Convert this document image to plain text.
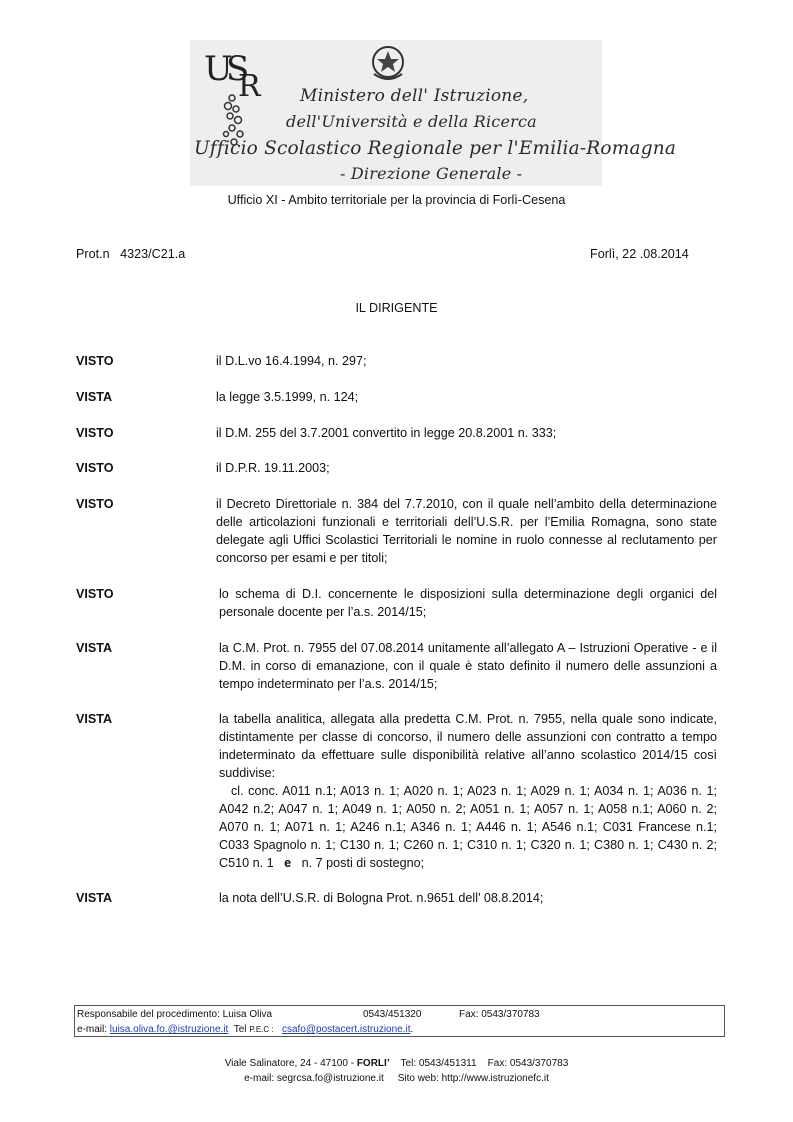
U
S
R Ministero dell' Istruzione,
dell'Università e della Ricerca
Ufficio Scolastico Regionale per l'Emilia-Romagna
- Direzione Generale -
Ufficio XI - Ambito territoriale per la provincia di Forlì-Cesena
Prot.n   4323/C21.a	Forlì, 22 .08.2014
IL DIRIGENTE
VISTO	il D.L.vo 16.4.1994, n. 297;
VISTA	la legge 3.5.1999, n. 124;
VISTO	il D.M. 255 del 3.7.2001 convertito in legge 20.8.2001 n. 333;
VISTO	il D.P.R. 19.11.2003;
VISTO	il Decreto Direttoriale n. 384 del 7.7.2010, con il quale nell’ambito della determinazione delle articolazioni funzionali e territoriali dell’U.S.R. per l’Emilia Romagna, sono state delegate agli Uffici Scolastici Territoriali le nomine in ruolo connesse al reclutamento per concorso per esami e per titoli;
VISTO	lo schema di D.I. concernente le disposizioni sulla determinazione degli organici del personale docente per l’a.s. 2014/15;
VISTA	la C.M. Prot. n. 7955 del 07.08.2014 unitamente all’allegato A – Istruzioni Operative - e il D.M. in corso di emanazione, con il quale è stato definito il numero delle assunzioni a tempo indeterminato per l’a.s. 2014/15;
VISTA	la tabella analitica, allegata alla predetta C.M. Prot. n. 7955, nella quale sono indicate, distintamente per classe di concorso, il numero delle assunzioni con contratto a tempo indeterminato da effettuare sulle disponibilità relative all’anno scolastico 2014/15 così suddivise:
cl. conc. A011 n.1; A013 n. 1; A020 n. 1; A023 n. 1; A029 n. 1; A034 n. 1; A036 n. 1; A042 n.2; A047 n. 1; A049 n. 1; A050 n. 2; A051 n. 1; A057 n. 1; A058 n.1; A060 n. 2; A070 n. 1; A071 n. 1; A246 n.1; A346 n. 1; A446 n. 1; A546 n.1; C031 Francese n.1; C033 Spagnolo n. 1; C130 n. 1; C260 n. 1; C310 n. 1; C320 n. 1; C380 n. 1; C430 n. 2; C510 n. 1 e n. 7 posti di sostegno;
VISTA	la nota dell’U.S.R. di Bologna Prot. n.9651 dell’ 08.8.2014;
Responsabile del procedimento: Luisa Oliva	0543/451320	Fax: 0543/370783
e-mail: luisa.oliva.fo.@istruzione.it Tel P.E.C : csafo@postacert.istruzione.it.
Viale Salinatore, 24 - 47100 - FORLI’ Tel: 0543/451311 Fax: 0543/370783
e-mail: segrcsa.fo@istruzione.it Sito web: http://www.istruzionefc.it
